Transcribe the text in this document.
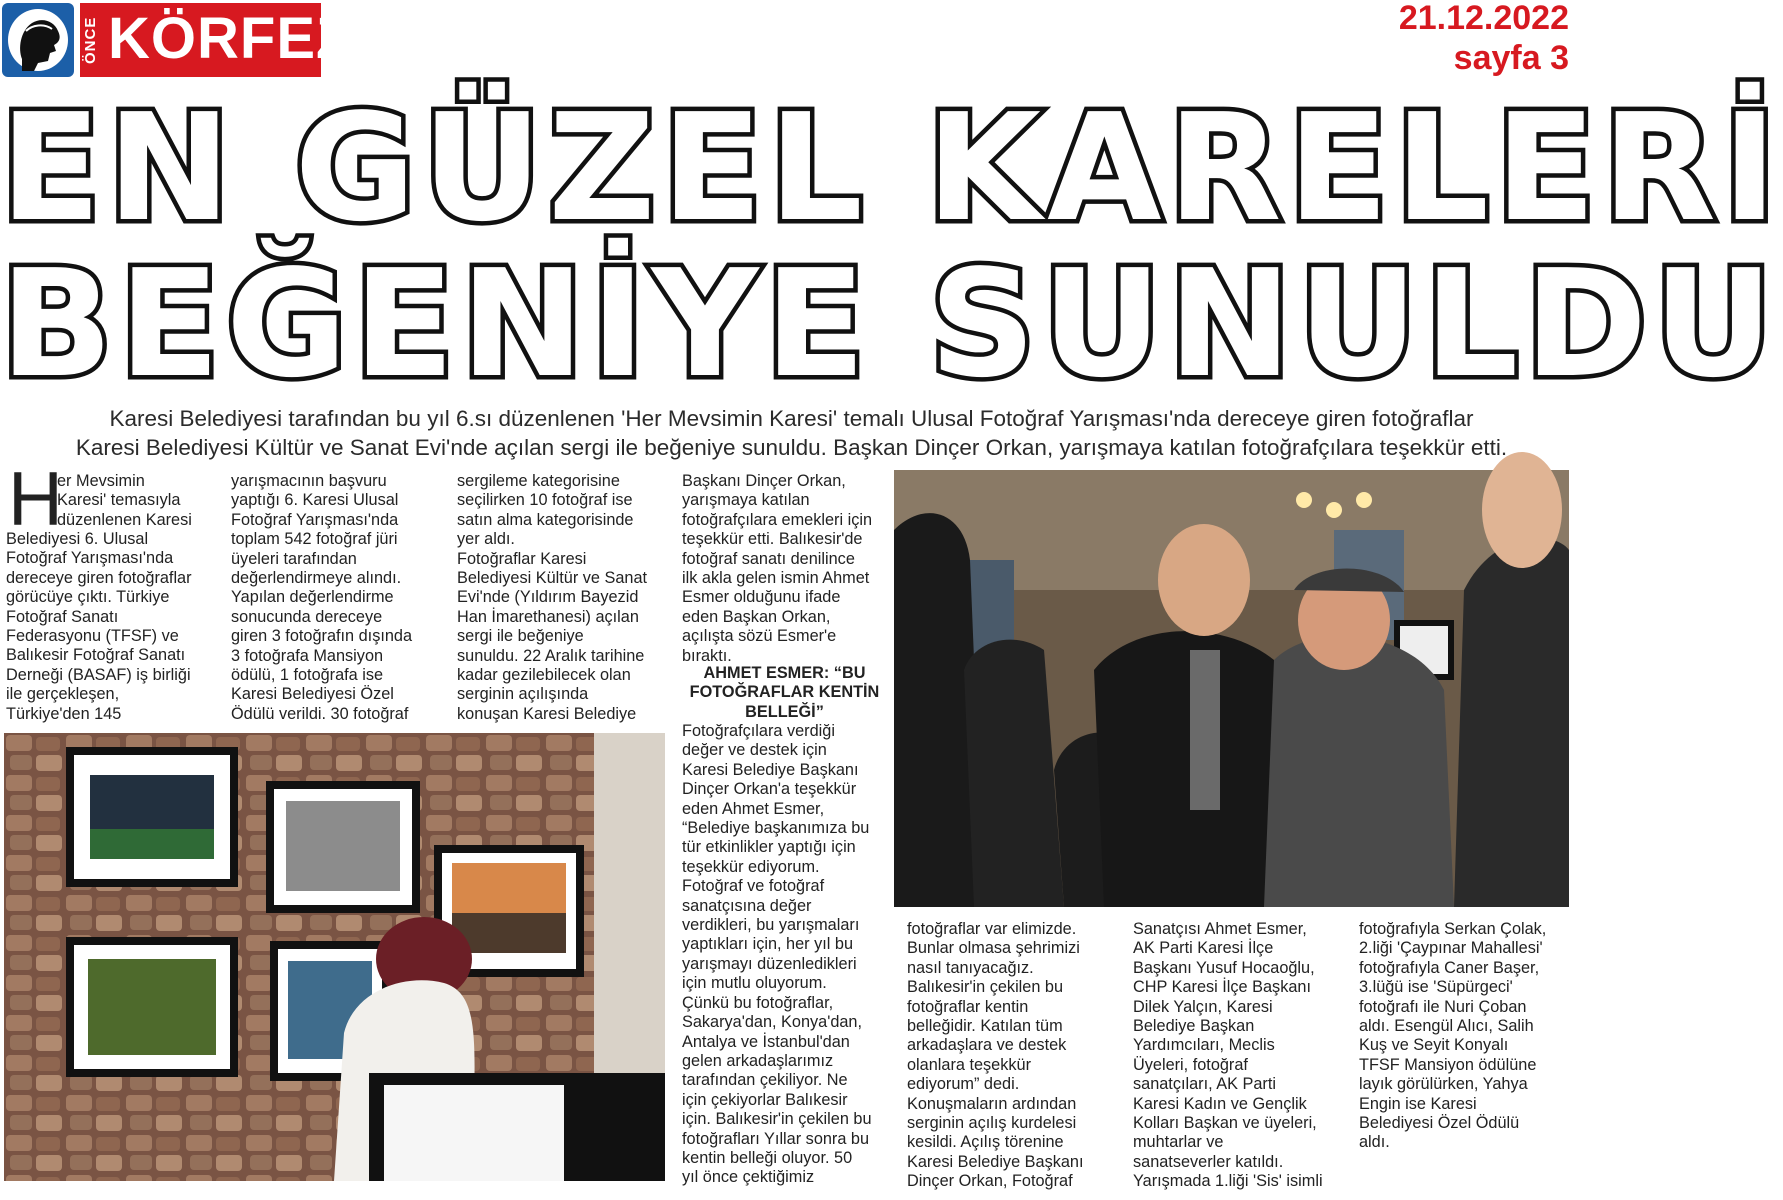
ÖNCE KÖRFEZ	21.12.2022
sayfa 3
EN GÜZEL KARELERİ
BEĞENİYE SUNULDU
Karesi Belediyesi tarafından bu yıl 6.sı düzenlenen 'Her Mevsimin Karesi' temalı Ulusal Fotoğraf Yarışması'nda dereceye giren fotoğraflar
Karesi Belediyesi Kültür ve Sanat Evi'nde açılan sergi ile beğeniye sunuldu. Başkan Dinçer Orkan, yarışmaya katılan fotoğrafçılara teşekkür etti.
H
er Mevsimin
Karesi' temasıyla
düzenlenen Karesi
Belediyesi 6. Ulusal
Fotoğraf Yarışması'nda
dereceye giren fotoğraflar
görücüye çıktı. Türkiye
Fotoğraf Sanatı
Federasyonu (TFSF) ve
Balıkesir Fotoğraf Sanatı
Derneği (BASAF) iş birliği
ile gerçekleşen,
Türkiye'den 145
yarışmacının başvuru
yaptığı 6. Karesi Ulusal
Fotoğraf Yarışması'nda
toplam 542 fotoğraf jüri
üyeleri tarafından
değerlendirmeye alındı.
Yapılan değerlendirme
sonucunda dereceye
giren 3 fotoğrafın dışında
3 fotoğrafa Mansiyon
ödülü, 1 fotoğrafa ise
Karesi Belediyesi Özel
Ödülü verildi. 30 fotoğraf
sergileme kategorisine
seçilirken 10 fotoğraf ise
satın alma kategorisinde
yer aldı.
Fotoğraflar Karesi
Belediyesi Kültür ve Sanat
Evi'nde (Yıldırım Bayezid
Han İmarethanesi) açılan
sergi ile beğeniye
sunuldu. 22 Aralık tarihine
kadar gezilebilecek olan
serginin açılışında
konuşan Karesi Belediye
Başkanı Dinçer Orkan,
yarışmaya katılan
fotoğrafçılara emekleri için
teşekkür etti. Balıkesir'de
fotoğraf sanatı denilince
ilk akla gelen ismin Ahmet
Esmer olduğunu ifade
eden Başkan Orkan,
açılışta sözü Esmer'e
bıraktı.
AHMET ESMER: “BU FOTOĞRAFLAR KENTİN BELLEĞİ”
Fotoğrafçılara verdiği
değer ve destek için
Karesi Belediye Başkanı
Dinçer Orkan'a teşekkür
eden Ahmet Esmer,
“Belediye başkanımıza bu
tür etkinlikler yaptığı için
teşekkür ediyorum.
Fotoğraf ve fotoğraf
sanatçısına değer
verdikleri, bu yarışmaları
yaptıkları için, her yıl bu
yarışmayı düzenledikleri
için mutlu oluyorum.
Çünkü bu fotoğraflar,
Sakarya'dan, Konya'dan,
Antalya ve İstanbul'dan
gelen arkadaşlarımız
tarafından çekiliyor. Ne
için çekiyorlar Balıkesir
için. Balıkesir'in çekilen bu
fotoğrafları Yıllar sonra bu
kentin belleği oluyor. 50
yıl önce çektiğimiz
fotoğraflar var elimizde.
Bunlar olmasa şehrimizi
nasıl tanıyacağız.
Balıkesir'in çekilen bu
fotoğraflar kentin
belleğidir. Katılan tüm
arkadaşlara ve destek
olanlara teşekkür
ediyorum” dedi.
Konuşmaların ardından
serginin açılış kurdelesi
kesildi. Açılış törenine
Karesi Belediye Başkanı
Dinçer Orkan, Fotoğraf
Sanatçısı Ahmet Esmer,
AK Parti Karesi İlçe
Başkanı Yusuf Hocaoğlu,
CHP Karesi İlçe Başkanı
Dilek Yalçın, Karesi
Belediye Başkan
Yardımcıları, Meclis
Üyeleri, fotoğraf
sanatçıları, AK Parti
Karesi Kadın ve Gençlik
Kolları Başkan ve üyeleri,
muhtarlar ve
sanatseverler katıldı.
Yarışmada 1.liği 'Sis' isimli
fotoğrafıyla Serkan Çolak,
2.liği 'Çaypınar Mahallesi'
fotoğrafıyla Caner Başer,
3.lüğü ise 'Süpürgeci'
fotoğrafı ile Nuri Çoban
aldı. Esengül Alıcı, Salih
Kuş ve Seyit Konyalı
TFSF Mansiyon ödülüne
layık görülürken, Yahya
Engin ise Karesi
Belediyesi Özel Ödülü
aldı.
